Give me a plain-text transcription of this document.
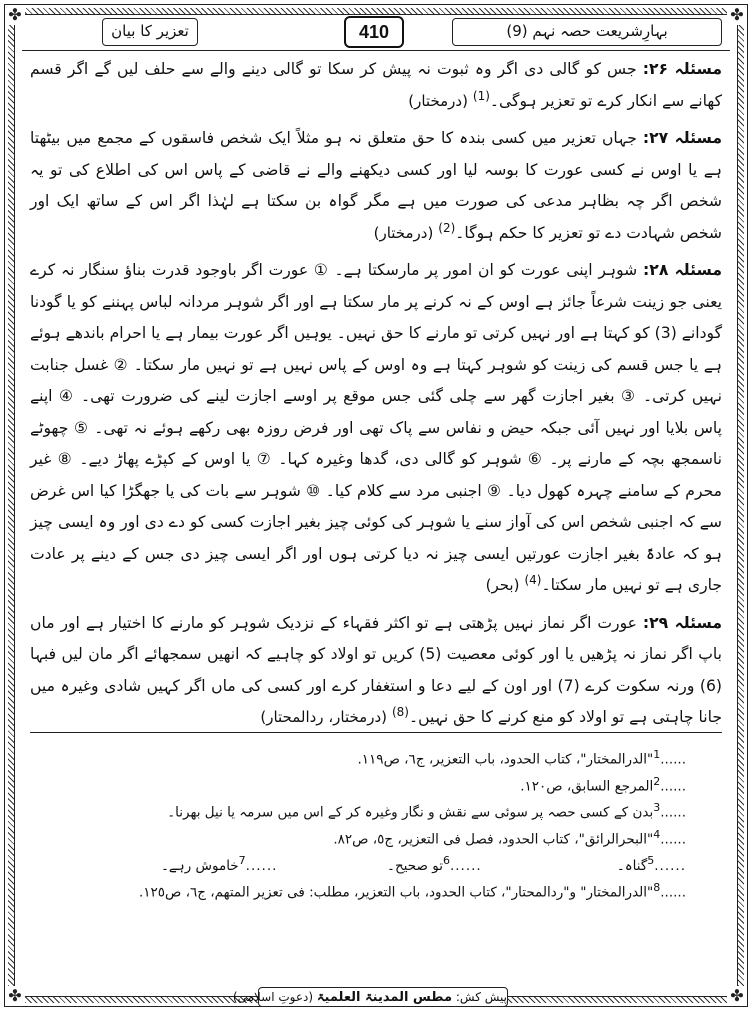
✤	✤
✤	✤
بہارِشریعت حصہ نہم (9)
410
تعزیر کا بیان

مسئلہ ۲۶: جس کو گالی دی اگر وہ ثبوت نہ پیش کر سکا تو گالی دینے والے سے حلف لیں گے اگر قسم کھانے سے انکار کرے تو تعزیر ہوگی۔$^{(1)}$ (درمختار)

مسئلہ ۲۷: جہاں تعزیر میں کسی بندہ کا حق متعلق نہ ہو مثلاً ایک شخص فاسقوں کے مجمع میں بیٹھتا ہے یا اوس نے کسی عورت کا بوسہ لیا اور کسی دیکھنے والے نے قاضی کے پاس اس کی اطلاع کی تو یہ شخص اگر چہ بظاہر مدعی کی صورت میں ہے مگر گواہ بن سکتا ہے لہٰذا اگر اس کے ساتھ ایک اور شخص شہادت دے تو تعزیر کا حکم ہوگا۔$^{(2)}$ (درمختار)

مسئلہ ۲۸: شوہر اپنی عورت کو ان امور پر مارسکتا ہے۔ ① عورت اگر باوجود قدرت بناؤ سنگار نہ کرے یعنی جو زینت شرعاً جائز ہے اوس کے نہ کرنے پر مار سکتا ہے اور اگر شوہر مردانہ لباس پہننے کو یا گودنا گودانے (3) کو کہتا ہے اور نہیں کرتی تو مارنے کا حق نہیں۔ یوہیں اگر عورت بیمار ہے یا احرام باندھے ہوئے ہے یا جس قسم کی زینت کو شوہر کہتا ہے وہ اوس کے پاس نہیں ہے تو نہیں مار سکتا۔ ② غسل جنابت نہیں کرتی۔ ③ بغیر اجازت گھر سے چلی گئی جس موقع پر اوسے اجازت لینے کی ضرورت تھی۔ ④ اپنے پاس بلایا اور نہیں آئی جبکہ حیض و نفاس سے پاک تھی اور فرض روزہ بھی رکھے ہوئے نہ تھی۔ ⑤ چھوٹے ناسمجھ بچہ کے مارنے پر۔ ⑥ شوہر کو گالی دی، گدھا وغیرہ کہا۔ ⑦ یا اوس کے کپڑے پھاڑ دیے۔ ⑧ غیر محرم کے سامنے چہرہ کھول دیا۔ ⑨ اجنبی مرد سے کلام کیا۔ ⑩ شوہر سے بات کی یا جھگڑا کیا اس غرض سے کہ اجنبی شخص اس کی آواز سنے یا شوہر کی کوئی چیز بغیر اجازت کسی کو دے دی اور وہ ایسی چیز ہو کہ عادۃً بغیر اجازت عورتیں ایسی چیز نہ دیا کرتی ہوں اور اگر ایسی چیز دی جس کے دینے پر عادت جاری ہے تو نہیں مار سکتا۔$^{(4)}$ (بحر)

مسئلہ ۲۹: عورت اگر نماز نہیں پڑھتی ہے تو اکثر فقہاء کے نزدیک شوہر کو مارنے کا اختیار ہے اور ماں باپ اگر نماز نہ پڑھیں یا اور کوئی معصیت (5) کریں تو اولاد کو چاہیے کہ انھیں سمجھائے اگر مان لیں فبہا (6) ورنہ سکوت کرے (7) اور اون کے لیے دعا و استغفار کرے اور کسی کی ماں اگر کہیں شادی وغیرہ میں جانا چاہتی ہے تو اولاد کو منع کرنے کا حق نہیں۔$^{(8)}$ (درمختار، ردالمحتار)

......$^1$"الدرالمختار"، کتاب الحدود، باب التعزیر، ج٦، ص١١٩.
......$^2$المرجع السابق، ص١٢٠.
......$^3$بدن کے کسی حصہ پر سوئی سے نقش و نگار وغیرہ کر کے اس میں سرمہ یا نیل بھرنا۔
......$^4$"البحرالرائق"، کتاب الحدود، فصل فی التعزیر، ج٥، ص٨٢.
......5گناہ۔ ......6تو صحیح۔ ......7خاموش رہے۔
......$^8$"الدرالمختار" و"ردالمحتار"، کتاب الحدود، باب التعزیر، مطلب: فی تعزیر المتھم، ج٦، ص١٢٥.
پیش کش: مطس المدینۃ العلمیۃ (دعوتِ اسلامی)
